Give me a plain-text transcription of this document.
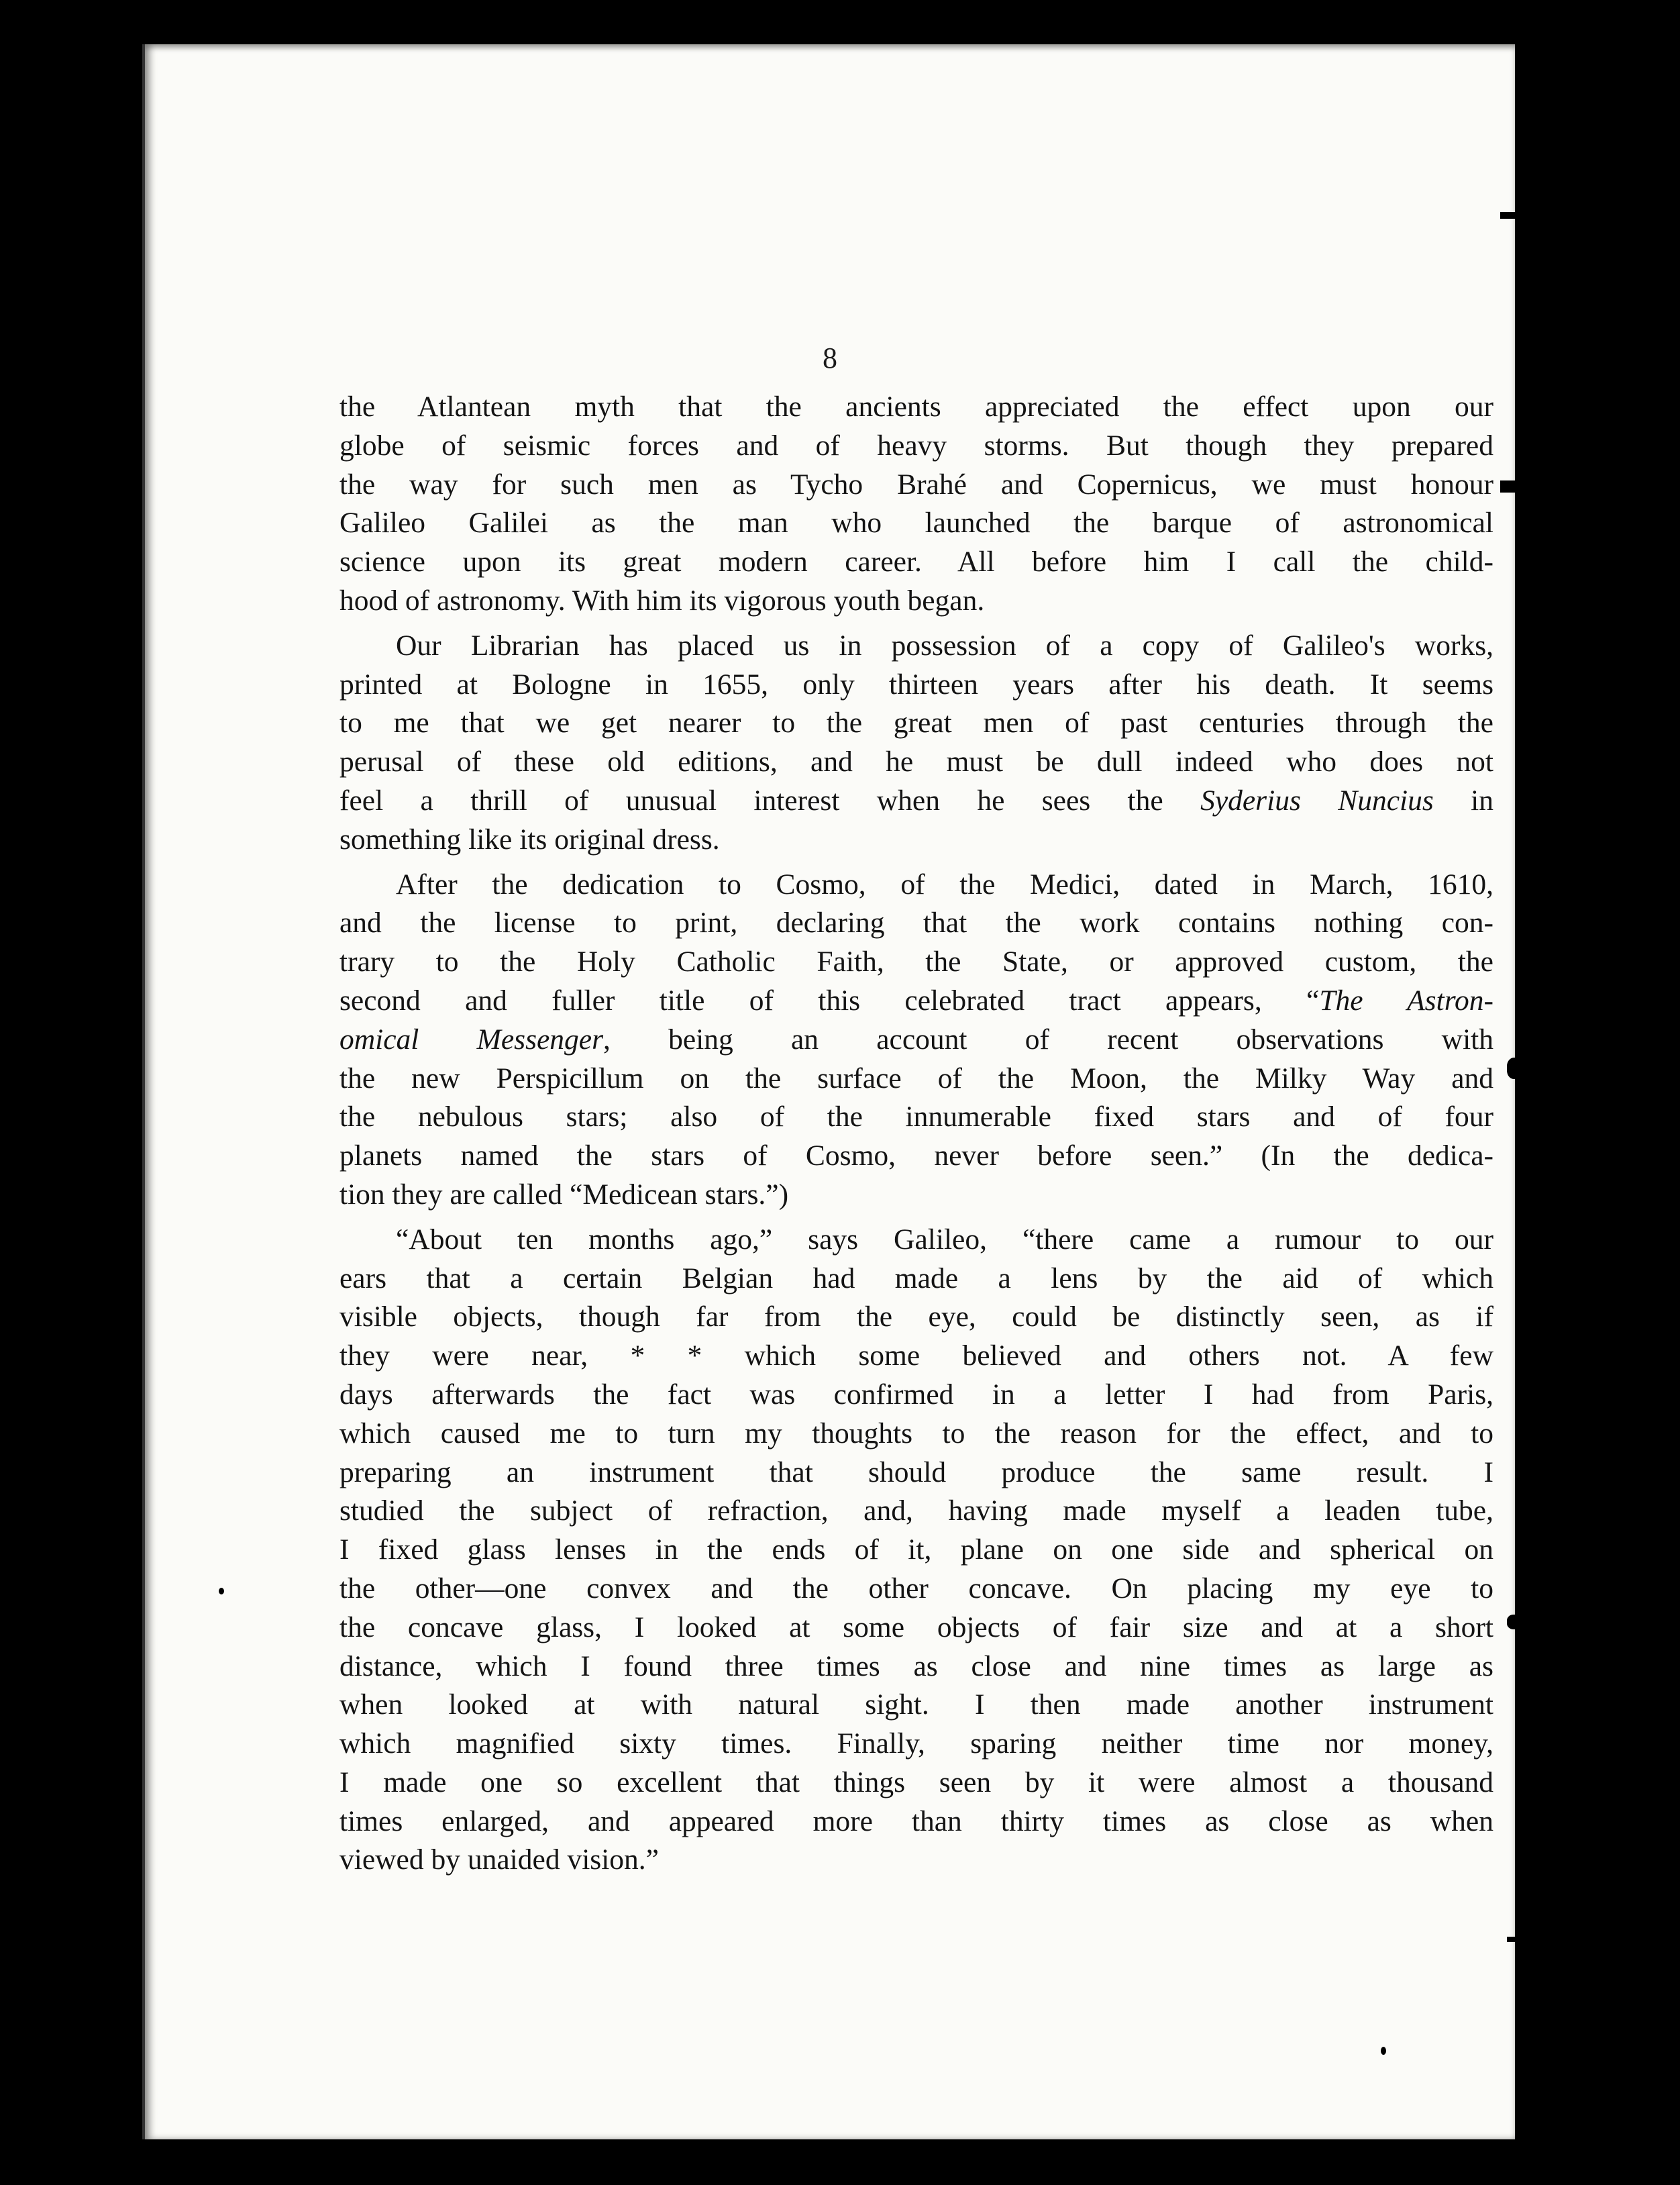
8

the Atlantean myth that the ancients appreciated the effect upon our
globe of seismic forces and of heavy storms. But though they prepared
the way for such men as Tycho Brahé and Copernicus, we must honour
Galileo Galilei as the man who launched the barque of astronomical
science upon its great modern career. All before him I call the child-
hood of astronomy. With him its vigorous youth began.

Our Librarian has placed us in possession of a copy of Galileo's works,
printed at Bologne in 1655, only thirteen years after his death. It seems
to me that we get nearer to the great men of past centuries through the
perusal of these old editions, and he must be dull indeed who does not
feel a thrill of unusual interest when he sees the Syderius Nuncius in
something like its original dress.

After the dedication to Cosmo, of the Medici, dated in March, 1610,
and the license to print, declaring that the work contains nothing con-
trary to the Holy Catholic Faith, the State, or approved custom, the
second and fuller title of this celebrated tract appears, “The Astron-
omical Messenger, being an account of recent observations with
the new Perspicillum on the surface of the Moon, the Milky Way and
the nebulous stars; also of the innumerable fixed stars and of four
planets named the stars of Cosmo, never before seen.” (In the dedica-
tion they are called “Medicean stars.”)

“About ten months ago,” says Galileo, “there came a rumour to our
ears that a certain Belgian had made a lens by the aid of which
visible objects, though far from the eye, could be distinctly seen, as if
they were near, * * which some believed and others not. A few
days afterwards the fact was confirmed in a letter I had from Paris,
which caused me to turn my thoughts to the reason for the effect, and to
preparing an instrument that should produce the same result. I
studied the subject of refraction, and, having made myself a leaden tube,
I fixed glass lenses in the ends of it, plane on one side and spherical on
the other—one convex and the other concave. On placing my eye to
the concave glass, I looked at some objects of fair size and at a short
distance, which I found three times as close and nine times as large as
when looked at with natural sight. I then made another instrument
which magnified sixty times. Finally, sparing neither time nor money,
I made one so excellent that things seen by it were almost a thousand
times enlarged, and appeared more than thirty times as close as when
viewed by unaided vision.”
